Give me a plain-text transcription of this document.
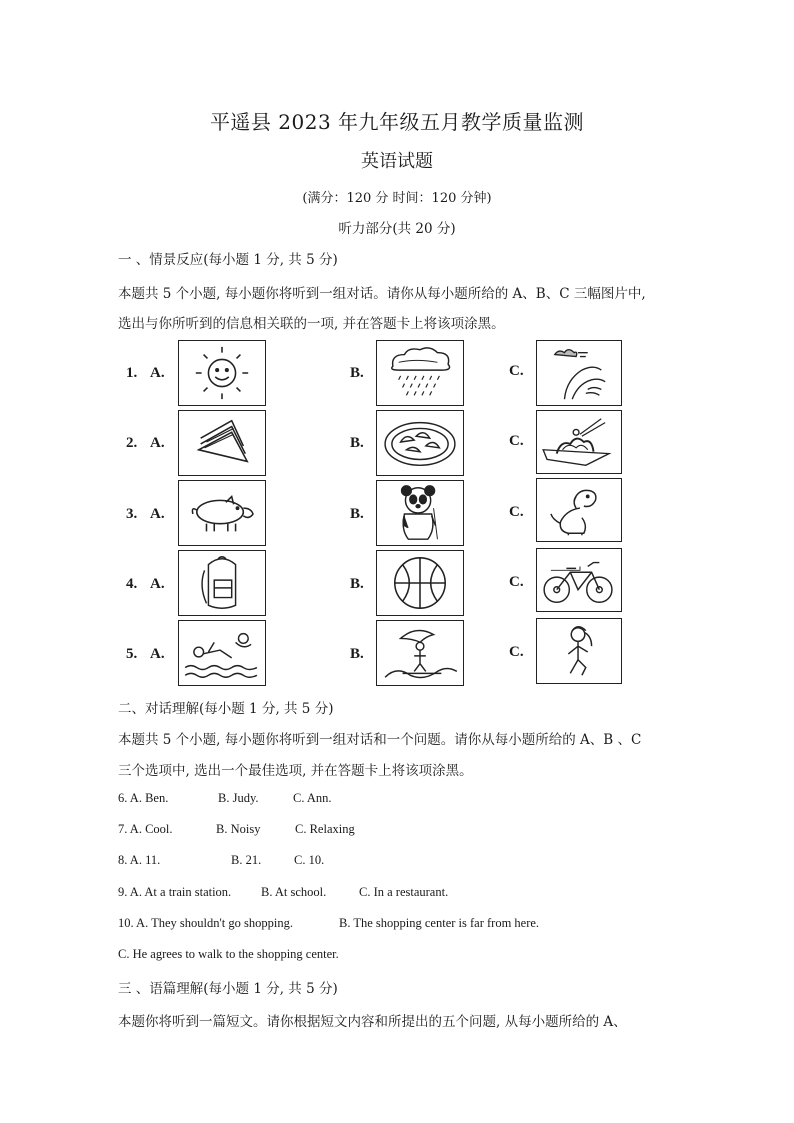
平遥县 2023 年九年级五月教学质量监测
英语试题
(满分：120 分 时间：120 分钟)
听力部分(共 20 分)
一 、情景反应(每小题 1 分, 共 5 分)
本题共 5 个小题, 每小题你将听到一组对话。请你从每小题所给的 A、B、C 三幅图片中,
选出与你所听到的信息相关联的一项, 并在答题卡上将该项涂黑。
1. A.	B.	C.
2. A.	B.	C.
3. A.	B.	C.
4. A.	B.	C.
5. A.	B.	C.
二、对话理解(每小题 1 分, 共 5 分)
本题共 5 个小题, 每小题你将听到一组对话和一个问题。请你从每小题所给的 A、B 、C
三个选项中, 选出一个最佳选项, 并在答题卡上将该项涂黑。
6. A. Ben.	B. Judy.	C. Ann.
7. A. Cool.	B. Noisy	C. Relaxing
8. A. 11.	B. 21.	C. 10.
9. A. At a train station. B. At school.	C. In a restaurant.
10. A. They shouldn't go shopping.	B. The shopping center is far from here.
C. He agrees to walk to the shopping center.
三 、语篇理解(每小题 1 分, 共 5 分)
本题你将听到一篇短文。请你根据短文内容和所提出的五个问题, 从每小题所给的 A、
